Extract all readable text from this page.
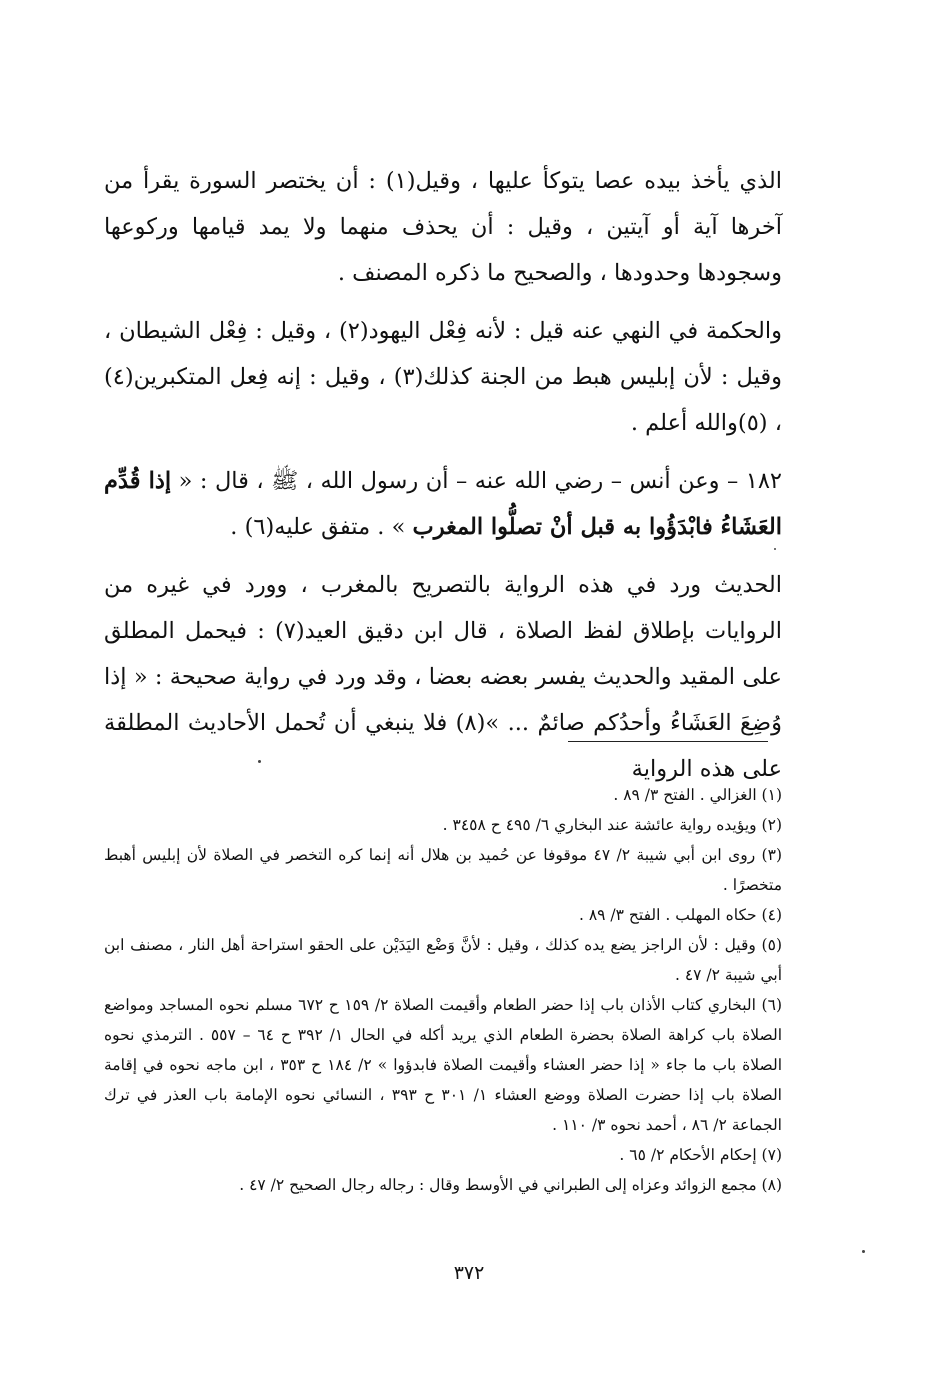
الذي يأخذ بيده عصا يتوكأ عليها ، وقيل(١) : أن يختصر السورة يقرأ من آخرها آية أو آيتين ، وقيل : أن يحذف منهما ولا يمد قيامها وركوعها وسجودها وحدودها ، والصحيح ما ذكره المصنف .

والحكمة في النهي عنه قيل : لأنه فِعْل اليهود(٢) ، وقيل : فِعْل الشيطان ، وقيل : لأن إبليس هبط من الجنة كذلك(٣) ، وقيل : إنه فِعل المتكبرين(٤) ، (٥)والله أعلم .

١٨٢ – وعن أنس – رضي الله عنه – أن رسول الله ، ﷺ ، قال : « إذا قُدِّم العَشَاءُ فابْدَؤُوا به قبل أنْ تصلُّوا المغرب » . متفق عليه(٦) .

الحديث ورد في هذه الرواية بالتصريح بالمغرب ، وورد في غيره من الروايات بإطلاق لفظ الصلاة ، قال ابن دقيق العيد(٧) : فيحمل المطلق على المقيد والحديث يفسر بعضه بعضا ، وقد ورد في رواية صحيحة : « إذا وُضِعَ العَشَاءُ وأحدُكم صائمٌ ... »(٨) فلا ينبغي أن تُحمل الأحاديث المطلقة على هذه الرواية

(١) الغزالي . الفتح ٣/ ٨٩ .

(٢) ويؤيده رواية عائشة عند البخاري ٦/ ٤٩٥ ح ٣٤٥٨ .

(٣) روى ابن أبي شيبة ٢/ ٤٧ موقوفا عن حُميد بن هلال أنه إنما كره التخصر في الصلاة لأن إبليس أهبط متخصرًا .

(٤) حكاه المهلب . الفتح ٣/ ٨٩ .

(٥) وقيل : لأن الراجز يضع يده كذلك ، وقيل : لأنَّ وَضْع اليَدَيْن على الحقو استراحة أهل النار ، مصنف ابن أبي شيبة ٢/ ٤٧ .

(٦) البخاري كتاب الأذان باب إذا حضر الطعام وأقيمت الصلاة ٢/ ١٥٩ ح ٦٧٢ مسلم نحوه المساجد ومواضع الصلاة باب كراهة الصلاة بحضرة الطعام الذي يريد أكله في الحال ١/ ٣٩٢ ح ٦٤ – ٥٥٧ . الترمذي نحوه الصلاة باب ما جاء « إذا حضر العشاء وأقيمت الصلاة فابدؤوا » ٢/ ١٨٤ ح ٣٥٣ ، ابن ماجه نحوه في إقامة الصلاة باب إذا حضرت الصلاة ووضع العشاء ١/ ٣٠١ ح ٣٩٣ ، النسائي نحوه الإمامة باب العذر في ترك الجماعة ٢/ ٨٦ ، أحمد نحوه ٣/ ١١٠ .

(٧) إحكام الأحكام ٢/ ٦٥ .

(٨) مجمع الزوائد وعزاه إلى الطبراني في الأوسط وقال : رجاله رجال الصحيح ٢/ ٤٧ .

٣٧٢
